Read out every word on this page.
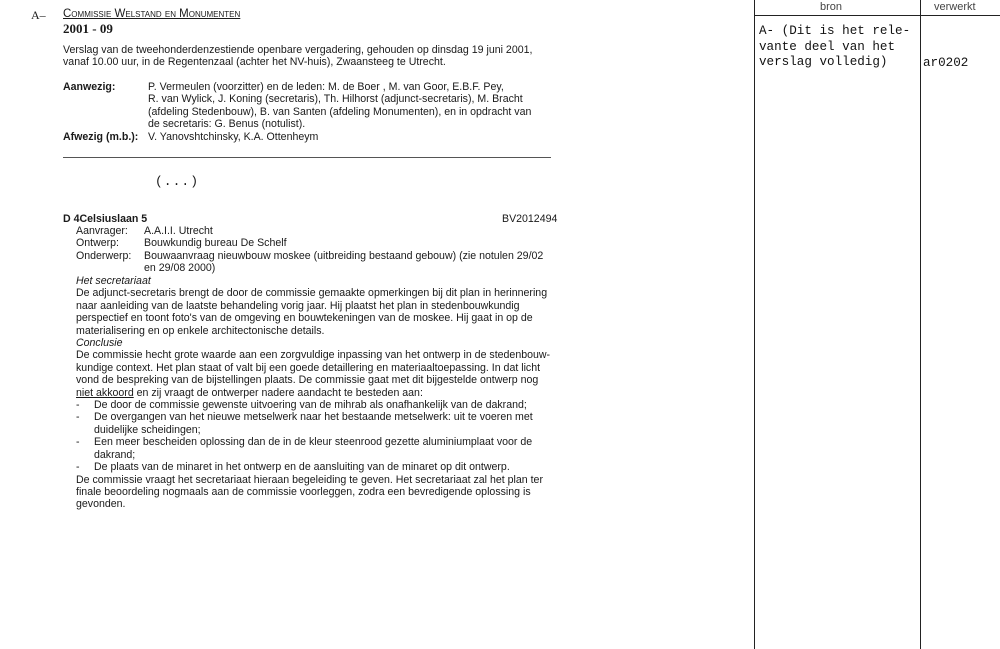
bron	verwerkt
A- (Dit is het rele-
vante deel van het
verslag volledig)	ar0202
A– Commissie Welstand en Monumenten
2001 - 09
Verslag van de tweehonderdenzestiende openbare vergadering, gehouden op dinsdag 19 juni 2001,
vanaf 10.00 uur, in de Regentenzaal (achter het NV-huis), Zwaansteeg te Utrecht.
Aanwezig:	P. Vermeulen (voorzitter) en de leden: M. de Boer , M. van Goor, E.B.F. Pey,
R. van Wylick, J. Koning (secretaris), Th. Hilhorst (adjunct-secretaris), M. Bracht
(afdeling Stedenbouw), B. van Santen (afdeling Monumenten), en in opdracht van
de secretaris: G. Benus (notulist).
Afwezig (m.b.): V. Yanovshtchinsky, K.A. Ottenheym
(...)
D 4Celsiuslaan 5	BV2012494
Aanvrager:	A.A.I.I. Utrecht
Ontwerp:	Bouwkundig bureau De Schelf
Onderwerp:	Bouwaanvraag nieuwbouw moskee (uitbreiding bestaand gebouw) (zie notulen 29/02
en 29/08 2000)
Het secretariaat
De adjunct-secretaris brengt de door de commissie gemaakte opmerkingen bij dit plan in herinnering
naar aanleiding van de laatste behandeling vorig jaar. Hij plaatst het plan in stedenbouwkundig
perspectief en toont foto's van de omgeving en bouwtekeningen van de moskee. Hij gaat in op de
materialisering en op enkele architectonische details.
Conclusie
De commissie hecht grote waarde aan een zorgvuldige inpassing van het ontwerp in de stedenbouw-
kundige context. Het plan staat of valt bij een goede detaillering en materiaaltoepassing. In dat licht
vond de bespreking van de bijstellingen plaats. De commissie gaat met dit bijgestelde ontwerp nog
niet akkoord en zij vraagt de ontwerper nadere aandacht te besteden aan:
- De door de commissie gewenste uitvoering van de mihrab als onafhankelijk van de dakrand;
- De overgangen van het nieuwe metselwerk naar het bestaande metselwerk: uit te voeren met duidelijke scheidingen;
- Een meer bescheiden oplossing dan de in de kleur steenrood gezette aluminiumplaat voor de dakrand;
- De plaats van de minaret in het ontwerp en de aansluiting van de minaret op dit ontwerp.
De commissie vraagt het secretariaat hieraan begeleiding te geven. Het secretariaat zal het plan ter
finale beoordeling nogmaals aan de commissie voorleggen, zodra een bevredigende oplossing is
gevonden.
